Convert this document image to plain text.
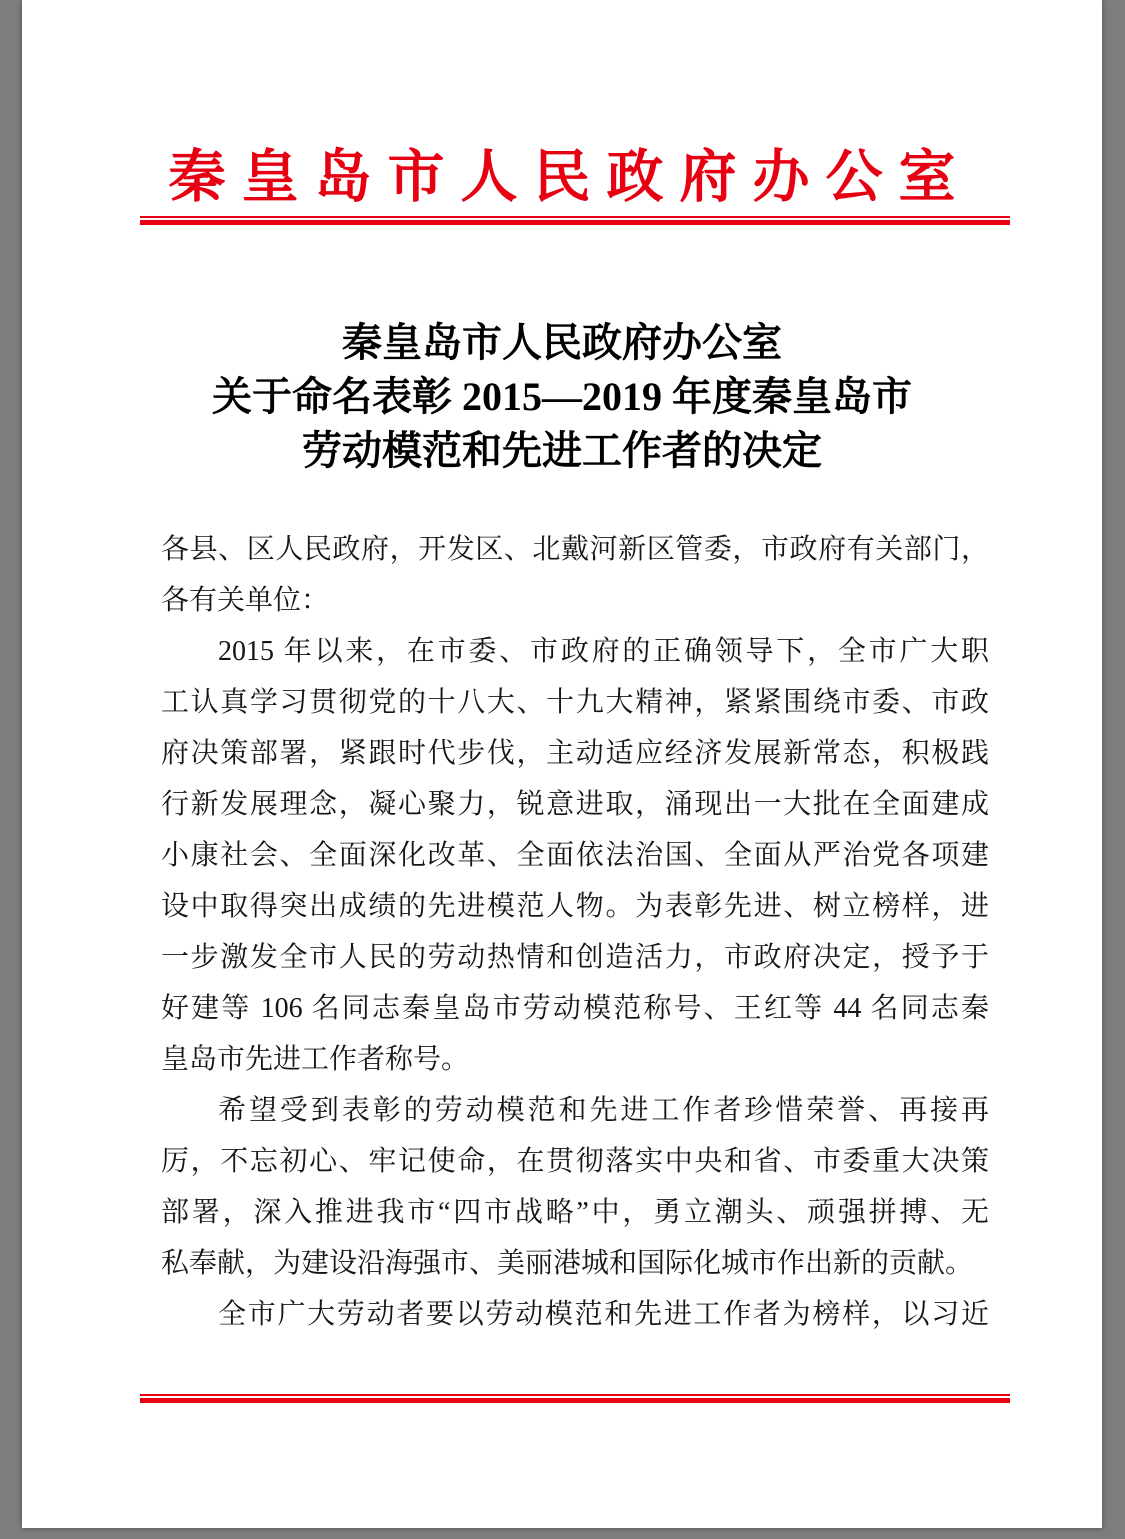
秦皇岛市人民政府办公室
秦皇岛市人民政府办公室
关于命名表彰 2015—2019 年度秦皇岛市
劳动模范和先进工作者的决定
各县、区人民政府，开发区、北戴河新区管委，市政府有关部门，
各有关单位：
2015 年以来，在市委、市政府的正确领导下，全市广大职
工认真学习贯彻党的十八大、十九大精神，紧紧围绕市委、市政
府决策部署，紧跟时代步伐，主动适应经济发展新常态，积极践
行新发展理念，凝心聚力，锐意进取，涌现出一大批在全面建成
小康社会、全面深化改革、全面依法治国、全面从严治党各项建
设中取得突出成绩的先进模范人物。为表彰先进、树立榜样，进
一步激发全市人民的劳动热情和创造活力，市政府决定，授予于
好建等 106 名同志秦皇岛市劳动模范称号、王红等 44 名同志秦
皇岛市先进工作者称号。
希望受到表彰的劳动模范和先进工作者珍惜荣誉、再接再
厉，不忘初心、牢记使命，在贯彻落实中央和省、市委重大决策
部署，深入推进我市“四市战略”中，勇立潮头、顽强拼搏、无
私奉献，为建设沿海强市、美丽港城和国际化城市作出新的贡献。
全市广大劳动者要以劳动模范和先进工作者为榜样，以习近
